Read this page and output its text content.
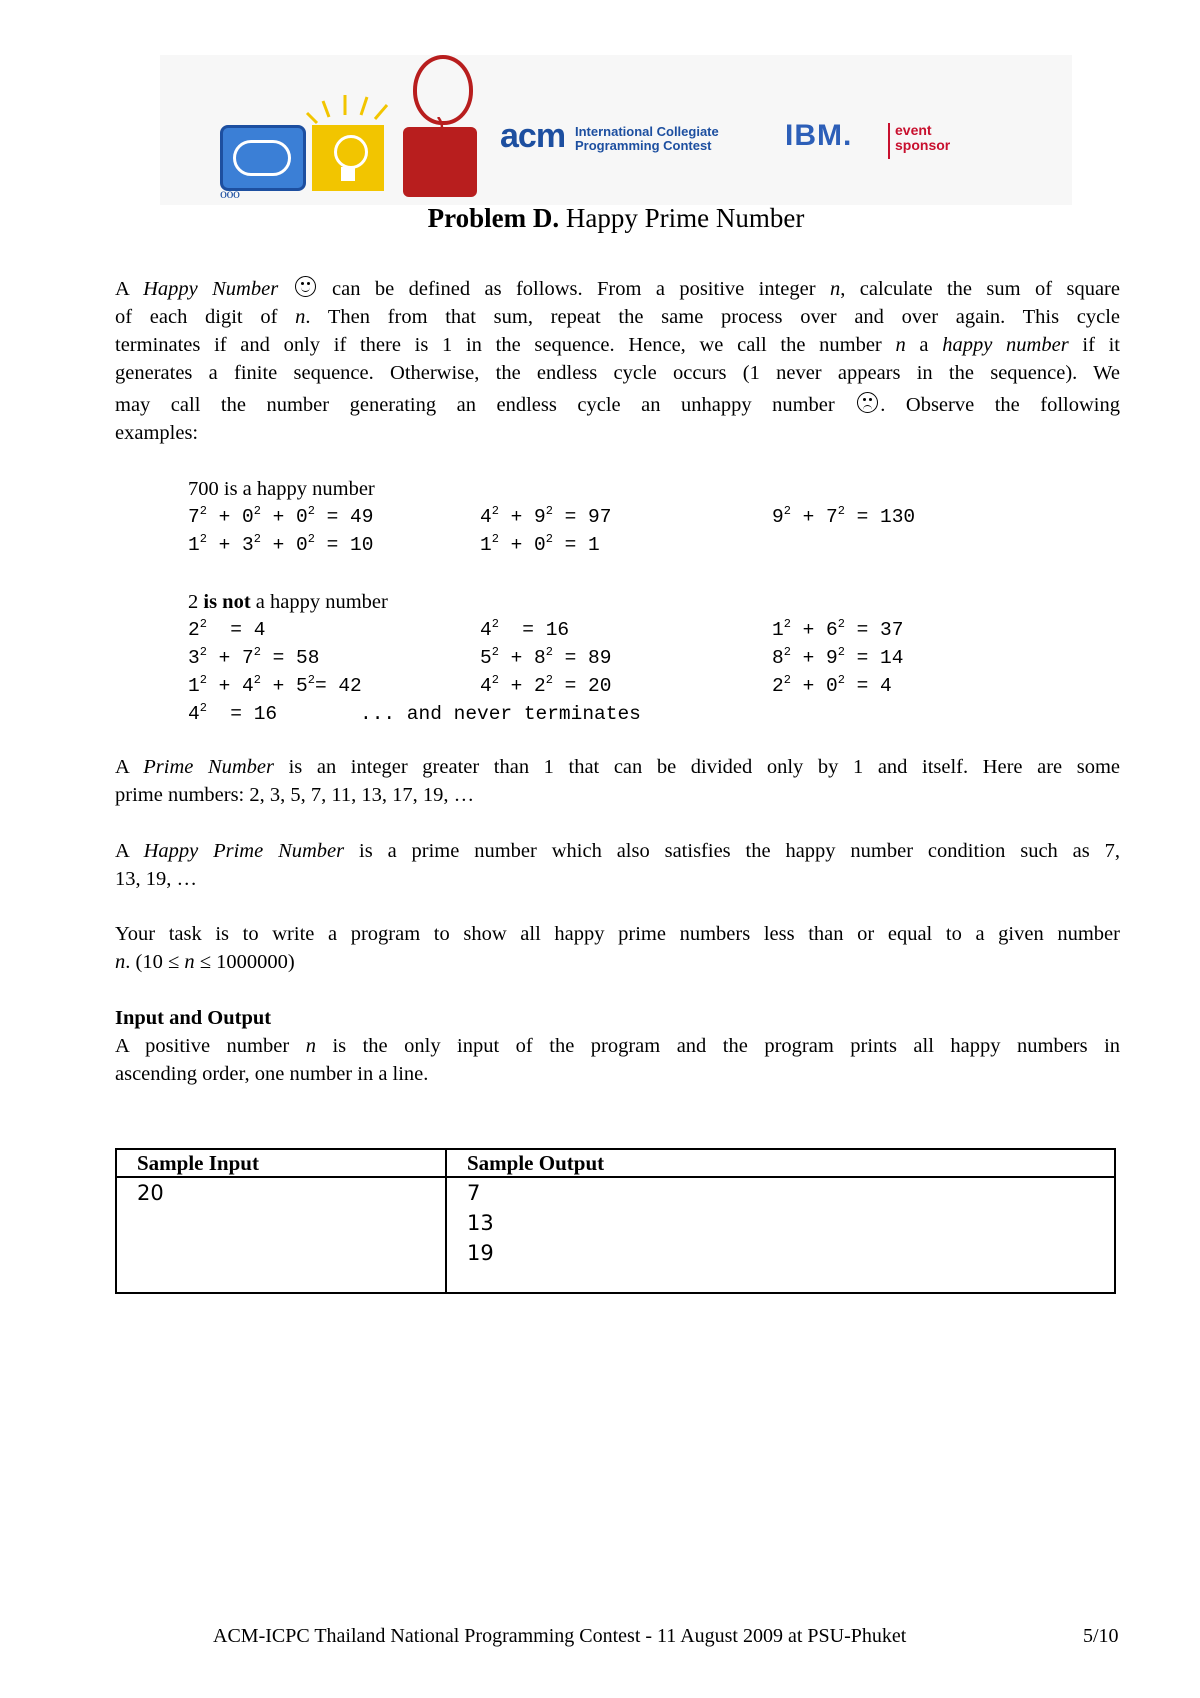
o o o
acm International Collegiate
Programming Contest IBM.	event
sponsor
Problem D. Happy Prime Number
A Happy Number	can be defined as follows. From a positive integer n, calculate the sum of square
of each digit of n. Then from that sum, repeat the same process over and over again. This cycle
terminates if and only if there is 1 in the sequence. Hence, we call the number n a happy number if it
generates a finite sequence. Otherwise, the endless cycle occurs (1 never appears in the sequence). We
may call the number generating an endless cycle an unhappy number . Observe the following
examples:
700 is a happy number
$7^2 + 0^2 + 0^2 = 49$	$4^2 + 9^2 = 97$	$9^2 + 7^2 = 130$
$1^2 + 3^2 + 0^2 = 10$	$1^2 + 0^2 = 1$
2 is not a happy number
$2^2 = 4$	$4^2 = 16$	$1^2 + 6^2 = 37$
$3^2 + 7^2 = 58$	$5^2 + 8^2 = 89$	$8^2 + 9^2 = 14$
$1^2 + 4^2 + 5^2= 42$	$4^2 + 2^2 = 20$	$2^2 + 0^2 = 4$
$4^2 = 16$	... and never terminates
A Prime Number is an integer greater than 1 that can be divided only by 1 and itself. Here are some
prime numbers: 2, 3, 5, 7, 11, 13, 17, 19, …
A Happy Prime Number is a prime number which also satisfies the happy number condition such as 7,
13, 19, …
Your task is to write a program to show all happy prime numbers less than or equal to a given number
n. (10 ≤ n ≤ 1000000)
Input and Output
A positive number n is the only input of the program and the program prints all happy numbers in
ascending order, one number in a line.
Sample Input	Sample Output

20	7
13
19
ACM-ICPC Thailand National Programming Contest - 11 August 2009 at PSU-Phuket	5/10
